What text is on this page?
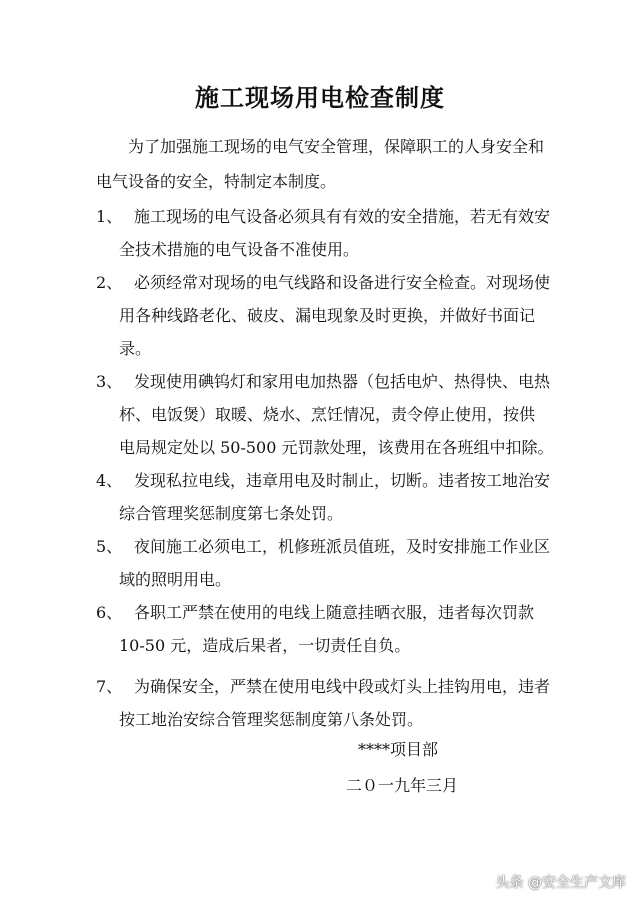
施工现场用电检查制度
为了加强施工现场的电气安全管理，保障职工的人身安全和
电气设备的安全，特制定本制度。
1、 施工现场的电气设备必须具有有效的安全措施，若无有效安
全技术措施的电气设备不准使用。
2、 必须经常对现场的电气线路和设备进行安全检查。对现场使
用各种线路老化、破皮、漏电现象及时更换，并做好书面记
录。
3、 发现使用碘钨灯和家用电加热器（包括电炉、热得快、电热
杯、电饭煲）取暖、烧水、烹饪情况，责令停止使用，按供
电局规定处以 50-500 元罚款处理，该费用在各班组中扣除。
4、 发现私拉电线，违章用电及时制止，切断。违者按工地治安
综合管理奖惩制度第七条处罚。
5、 夜间施工必须电工，机修班派员值班，及时安排施工作业区
域的照明用电。
6、 各职工严禁在使用的电线上随意挂晒衣服，违者每次罚款
10-50 元，造成后果者，一切责任自负。
7、 为确保安全，严禁在使用电线中段或灯头上挂钩用电，违者
按工地治安综合管理奖惩制度第八条处罚。
****项目部
二０一九年三月
头条 @安全生产文库
